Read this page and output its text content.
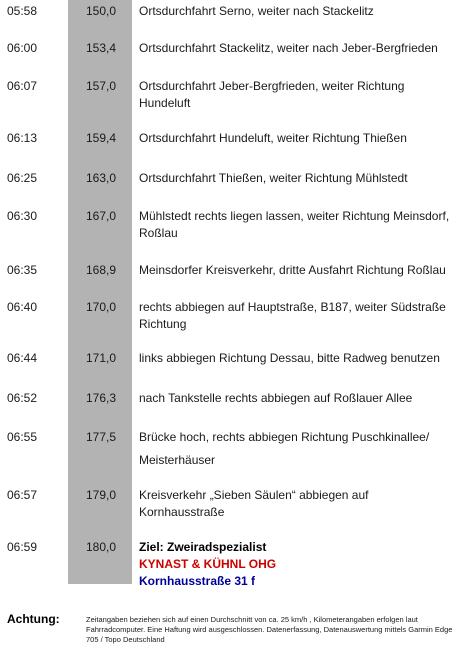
05:58	150,0 Ortsdurchfahrt Serno, weiter nach Stackelitz
06:00	153,4 Ortsdurchfahrt Stackelitz, weiter nach Jeber-Bergfrieden
06:07	157,0 Ortsdurchfahrt Jeber-Bergfrieden, weiter Richtung
Hundeluft
06:13	159,4 Ortsdurchfahrt Hundeluft, weiter Richtung Thießen
06:25	163,0 Ortsdurchfahrt Thießen, weiter Richtung Mühlstedt
06:30	167,0 Mühlstedt rechts liegen lassen, weiter Richtung Meinsdorf,
Roßlau
06:35	168,9 Meinsdorfer Kreisverkehr, dritte Ausfahrt Richtung Roßlau
06:40	170,0 rechts abbiegen auf Hauptstraße, B187, weiter Südstraße
Richtung
06:44	171,0 links abbiegen Richtung Dessau, bitte Radweg benutzen
06:52	176,3 nach Tankstelle rechts abbiegen auf Roßlauer Allee
06:55	177,5 Brücke hoch, rechts abbiegen Richtung Puschkinallee/
Meisterhäuser
06:57	179,0 Kreisverkehr „Sieben Säulen“ abbiegen auf
Kornhausstraße
06:59	180,0 Ziel: Zweiradspezialist
KYNAST & KÜHNL OHG
Kornhausstraße 31 f
Achtung:	Zeitangaben beziehen sich auf einen Durchschnitt von ca. 25 km/h , Kilometerangaben erfolgen laut Fahrradcomputer. Eine Haftung wird ausgeschlossen. Datenerfassung, Datenauswertung mittels Garmin Edge 705 / Topo Deutschland
